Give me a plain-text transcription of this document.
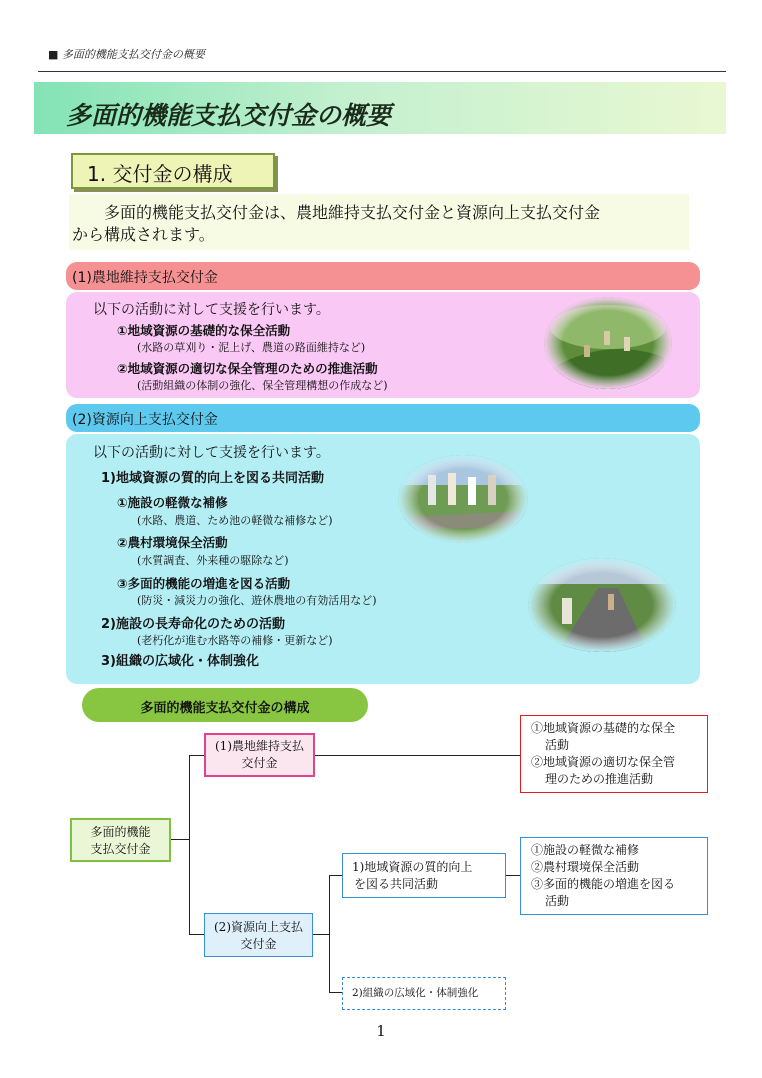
■ 多面的機能支払交付金の概要
多面的機能支払交付金の概要
1. 交付金の構成
多面的機能支払交付金は、農地維持支払交付金と資源向上支払交付金
から構成されます。
(1)農地維持支払交付金
以下の活動に対して支援を行います。
①地域資源の基礎的な保全活動
(水路の草刈り・泥上げ、農道の路面維持など)
②地域資源の適切な保全管理のための推進活動
(活動組織の体制の強化、保全管理構想の作成など)
(2)資源向上支払交付金
以下の活動に対して支援を行います。
1)地域資源の質的向上を図る共同活動
①施設の軽微な補修
(水路、農道、ため池の軽微な補修など)
②農村環境保全活動
(水質調査、外来種の駆除など)
③多面的機能の増進を図る活動
(防災・減災力の強化、遊休農地の有効活用など)
2)施設の長寿命化のための活動
(老朽化が進む水路等の補修・更新など)
3)組織の広域化・体制強化
多面的機能支払交付金の構成
多面的機能
支払交付金
(1)農地維持支払
交付金
①地域資源の基礎的な保全
活動
②地域資源の適切な保全管
理のための推進活動
(2)資源向上支払
交付金
1)地域資源の質的向上
を図る共同活動
①施設の軽微な補修
②農村環境保全活動
③多面的機能の増進を図る
活動
2)組織の広域化・体制強化
1
